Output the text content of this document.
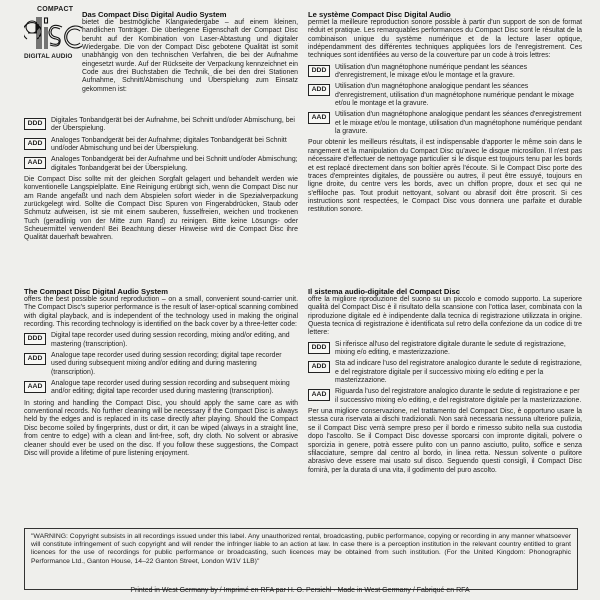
COMPACT
DIGITAL AUDIO
Das Compact Disc Digital Audio System

bietet die bestmögliche Klangwiedergabe – auf einem kleinen, handlichen Tonträger. Die überlegene Eigenschaft der Compact Disc beruht auf der Kombination von Laser-Abtastung und digitaler Wiedergabe. Die von der Compact Disc gebotene Qualität ist somit unabhängig von den technischen Verfahren, die bei der Aufnahme eingesetzt wurde. Auf der Rückseite der Verpackung kennzeichnet ein Code aus drei Buchstaben die Technik, die bei den drei Stationen Aufnahme, Schnitt/Abmischung und Überspielung zum Einsatz gekommen ist:

DDD	Digitales Tonbandgerät bei der Aufnahme, bei Schnitt und/oder Abmischung, bei der Überspielung.
ADD	Analoges Tonbandgerät bei der Aufnahme; digitales Tonbandgerät bei Schnitt und/oder Abmischung und bei der Überspielung.
AAD	Analoges Tonbandgerät bei der Aufnahme und bei Schnitt und/oder Abmischung; digitales Tonbandgerät bei der Überspielung.

Die Compact Disc sollte mit der gleichen Sorgfalt gelagert und behandelt werden wie konventionelle Langspielplatte. Eine Reinigung erübrigt sich, wenn die Compact Disc nur am Rande angefaßt und nach dem Abspielen sofort wieder in die Spezialverpackung zurückgelegt wird. Sollte die Compact Disc Spuren von Fingerabdrücken, Staub oder Schmutz aufweisen, ist sie mit einem sauberen, fusselfreien, weichen und trockenen Tuch (geradlinig von der Mitte zum Rand) zu reinigen. Bitte keine Lösungs- oder Scheuermittel verwenden! Bei Beachtung dieser Hinweise wird die Compact Disc ihre Qualität dauerhaft bewahren.

The Compact Disc Digital Audio System

offers the best possible sound reproduction – on a small, convenient sound-carrier unit. The Compact Disc's superior performance is the result of laser-optical scanning combined with digital playback, and is independent of the technology used in making the original recording. This recording technology is identified on the back cover by a three-letter code:

DDD	Digital tape recorder used during session recording, mixing and/or editing, and mastering (transcription).
ADD	Analogue tape recorder used during session recording; digital tape recorder used during subsequent mixing and/or editing and during mastering (transcription).
AAD	Analogue tape recorder used during session recording and subsequent mixing and/or editing; digital tape recorder used during mastering (transcription).

In storing and handling the Compact Disc, you should apply the same care as with conventional records. No further cleaning will be necessary if the Compact Disc is always held by the edges and is replaced in its case directly after playing. Should the Compact Disc become soiled by fingerprints, dust or dirt, it can be wiped (always in a straight line, from centre to edge) with a clean and lint-free, soft, dry cloth. No solvent or abrasive cleaner should ever be used on the disc. If you follow these suggestions, the Compact Disc will provide a lifetime of pure listening enjoyment.

Le système Compact Disc Digital Audio

permet la meilleure reproduction sonore possible à partir d'un support de son de format réduit et pratique. Les remarquables performances du Compact Disc sont le résultat de la combinaison unique du système numérique et de la lecture laser optique, indépendamment des différentes techniques appliquées lors de l'enregistrement. Ces techniques sont identifiées au verso de la couverture par un code à trois lettres:

DDD	Utilisation d'un magnétophone numérique pendant les séances d'enregistrement, le mixage et/ou le montage et la gravure.
ADD	Utilisation d'un magnétophone analogique pendant les séances d'enregistrement, utilisation d'un magnétophone numérique pendant le mixage et/ou le montage et la gravure.
AAD	Utilisation d'un magnétophone analogique pendant les séances d'enregistrement et le mixage et/ou le montage, utilisation d'un magnétophone numérique pendant la gravure.

Pour obtenir les meilleurs résultats, il est indispensable d'apporter le même soin dans le rangement et la manipulation du Compact Disc qu'avec le disque microsillon. Il n'est pas nécessaire d'effectuer de nettoyage particulier si le disque est toujours tenu par les bords et est replacé directement dans son boîtier après l'écoute. Si le Compact Disc porte des traces d'empreintes digitales, de poussière ou autres, il peut être essuyé, toujours en ligne droite, du centre vers les bords, avec un chiffon propre, doux et sec qui ne s'effiloche pas. Tout produit nettoyant, solvant ou abrasif doit être proscrit. Si ces instructions sont respectées, le Compact Disc vous donnera une parfaite et durable restitution sonore.

Il sistema audio-digitale del Compact Disc

offre la migliore riproduzione del suono su un piccolo e comodo supporto. La superiore qualità del Compact Disc è il risultato della scansione con l'ottica laser, combinata con la riproduzione digitale ed è indipendente dalla tecnica di registrazione utilizzata in origine. Questa tecnica di registrazione è identificata sul retro della confezione da un codice di tre lettere:

DDD	Si riferisce all'uso del registratore digitale durante le sedute di registrazione, mixing e/o editing, e masterizzazione.
ADD	Sta ad indicare l'uso del registratore analogico durante le sedute di registrazione, e del registratore digitale per il successivo mixing e/o editing e per la masterizzazione.
AAD	Riguarda l'uso del registratore analogico durante le sedute di registrazione e per il successivo mixing e/o editing, e del registratore digitale per la masterizzazione.

Per una migliore conservazione, nel trattamento del Compact Disc, è opportuno usare la stessa cura riservata ai dischi tradizionali. Non sarà necessaria nessuna ulteriore pulizia, se il Compact Disc verrà sempre preso per il bordo e rimesso subito nella sua custodia dopo l'ascolto. Se il Compact Disc dovesse sporcarsi con impronte digitali, polvere o sporcizia in genere, potrà essere pulito con un panno asciutto, pulito, soffice e senza sfilacciature, sempre dal centro al bordo, in linea retta. Nessun solvente o pulitore abrasivo deve essere mai usato sul disco. Seguendo questi consigli, il Compact Disc fornirà, per la durata di una vita, il godimento del puro ascolto.

"WARNING: Copyright subsists in all recordings issued under this label. Any unauthorized rental, broadcasting, public performance, copying or recording in any manner whatsoever will constitute infringement of such copyright and will render the infringer liable to an action at law. In case there is a perception institution in the relevant country entitled to grant licences for the use of recordings for public performance or broadcasting, such licences may be obtained from such institution. (For the United Kingdom: Phonographic Performance Ltd., Ganton House, 14–22 Ganton Street, London W1V 1LB)"

Printed in West Germany by / Imprimé en RFA par H. O. Persiehl · Made in West Germany / Fabriqué en RFA
